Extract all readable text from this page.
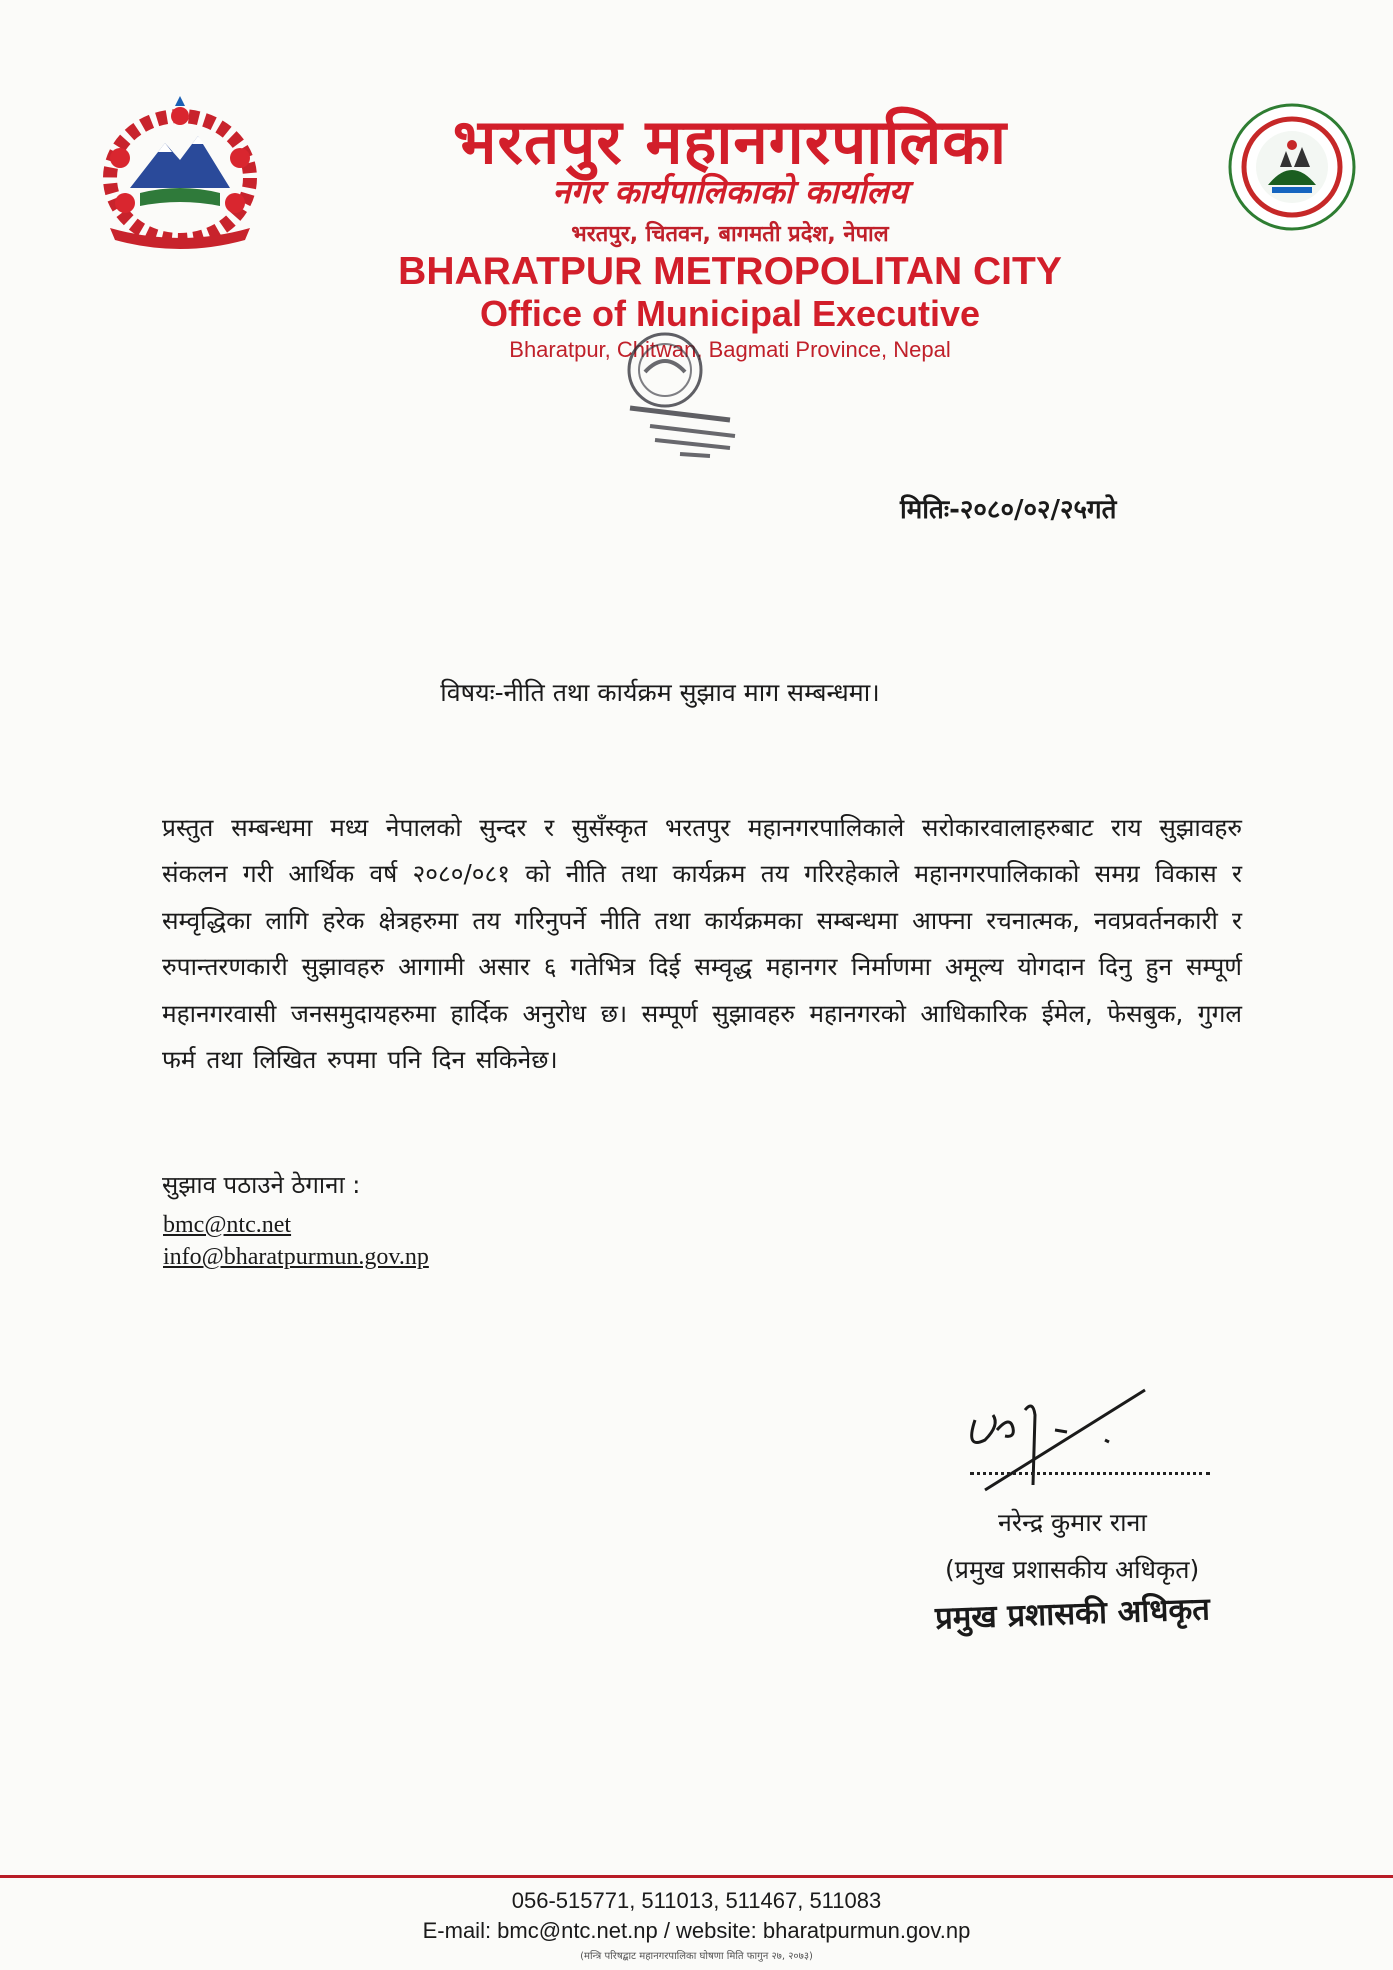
भरतपुर महानगरपालिका
नगर कार्यपालिकाको कार्यालय
भरतपुर, चितवन, बागमती प्रदेश, नेपाल
BHARATPUR METROPOLITAN CITY
Office of Municipal Executive
Bharatpur, Chitwan, Bagmati Province, Nepal
मितिः-२०८०/०२/२५गते
विषयः-नीति तथा कार्यक्रम सुझाव माग सम्बन्धमा।
प्रस्तुत सम्बन्धमा मध्य नेपालको सुन्दर र सुसँस्कृत भरतपुर महानगरपालिकाले सरोकारवालाहरुबाट राय सुझावहरु संकलन गरी आर्थिक वर्ष २०८०/०८१ को नीति तथा कार्यक्रम तय गरिरहेकाले महानगरपालिकाको समग्र विकास र सम्वृद्धिका लागि हरेक क्षेत्रहरुमा तय गरिनुपर्ने नीति तथा कार्यक्रमका सम्बन्धमा आफ्ना रचनात्मक, नवप्रवर्तनकारी र रुपान्तरणकारी सुझावहरु आगामी असार ६ गतेभित्र दिई सम्वृद्ध महानगर निर्माणमा अमूल्य योगदान दिनु हुन सम्पूर्ण महानगरवासी जनसमुदायहरुमा हार्दिक अनुरोध छ। सम्पूर्ण सुझावहरु महानगरको आधिकारिक ईमेल, फेसबुक, गुगल फर्म तथा लिखित रुपमा पनि दिन सकिनेछ।
सुझाव पठाउने ठेगाना :
bmc@ntc.net
info@bharatpurmun.gov.np
नरेन्द्र कुमार राना
(प्रमुख प्रशासकीय अधिकृत)
प्रमुख प्रशासकी अधिकृत
056-515771, 511013, 511467, 511083
E-mail: bmc@ntc.net.np / website: bharatpurmun.gov.np
(मन्त्रि परिषद्बाट महानगरपालिका घोषणा मिति फागुन २७, २०७३)
